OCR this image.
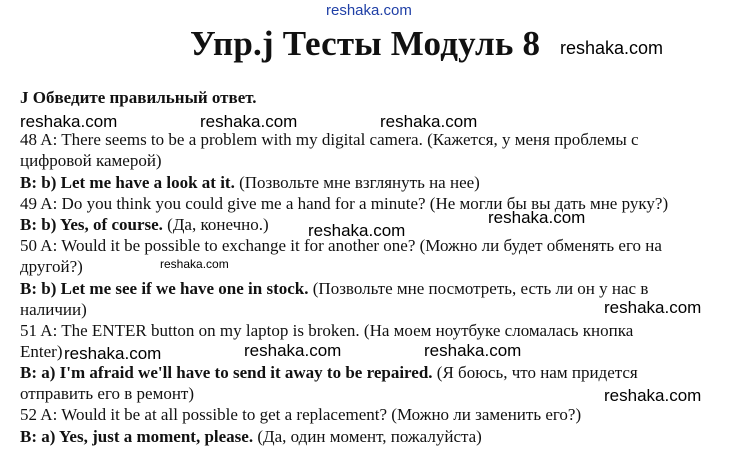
reshaka.com
Упр.j Тесты Модуль 8 reshaka.com
J Обведите правильный ответ.
reshaka.com	reshaka.com	reshaka.com
48 A: There seems to be a problem with my digital camera. (Кажется, у меня проблемы с
цифровой камерой)
B: b) Let me have a look at it. (Позвольте мне взглянуть на нее)
49 A: Do you think you could give me a hand for a minute? (Не могли бы вы дать мне руку?)
reshaka.com
B: b) Yes, of course. (Да, конечно.) reshaka.com
50 A: Would it be possible to exchange it for another one? (Можно ли будет обменять его на
другой?)	reshaka.com
B: b) Let me see if we have one in stock. (Позвольте мне посмотреть, есть ли он у нас в
наличии)	reshaka.com
51 A: The ENTER button on my laptop is broken. (На моем ноутбуке сломалась кнопка
Enter) reshaka.com	reshaka.com	reshaka.com
B: a) I'm afraid we'll have to send it away to be repaired. (Я боюсь, что нам придется
reshaka.com
отправить его в ремонт)
52 A: Would it be at all possible to get a replacement? (Можно ли заменить его?)
B: a) Yes, just a moment, please. (Да, один момент, пожалуйста)
